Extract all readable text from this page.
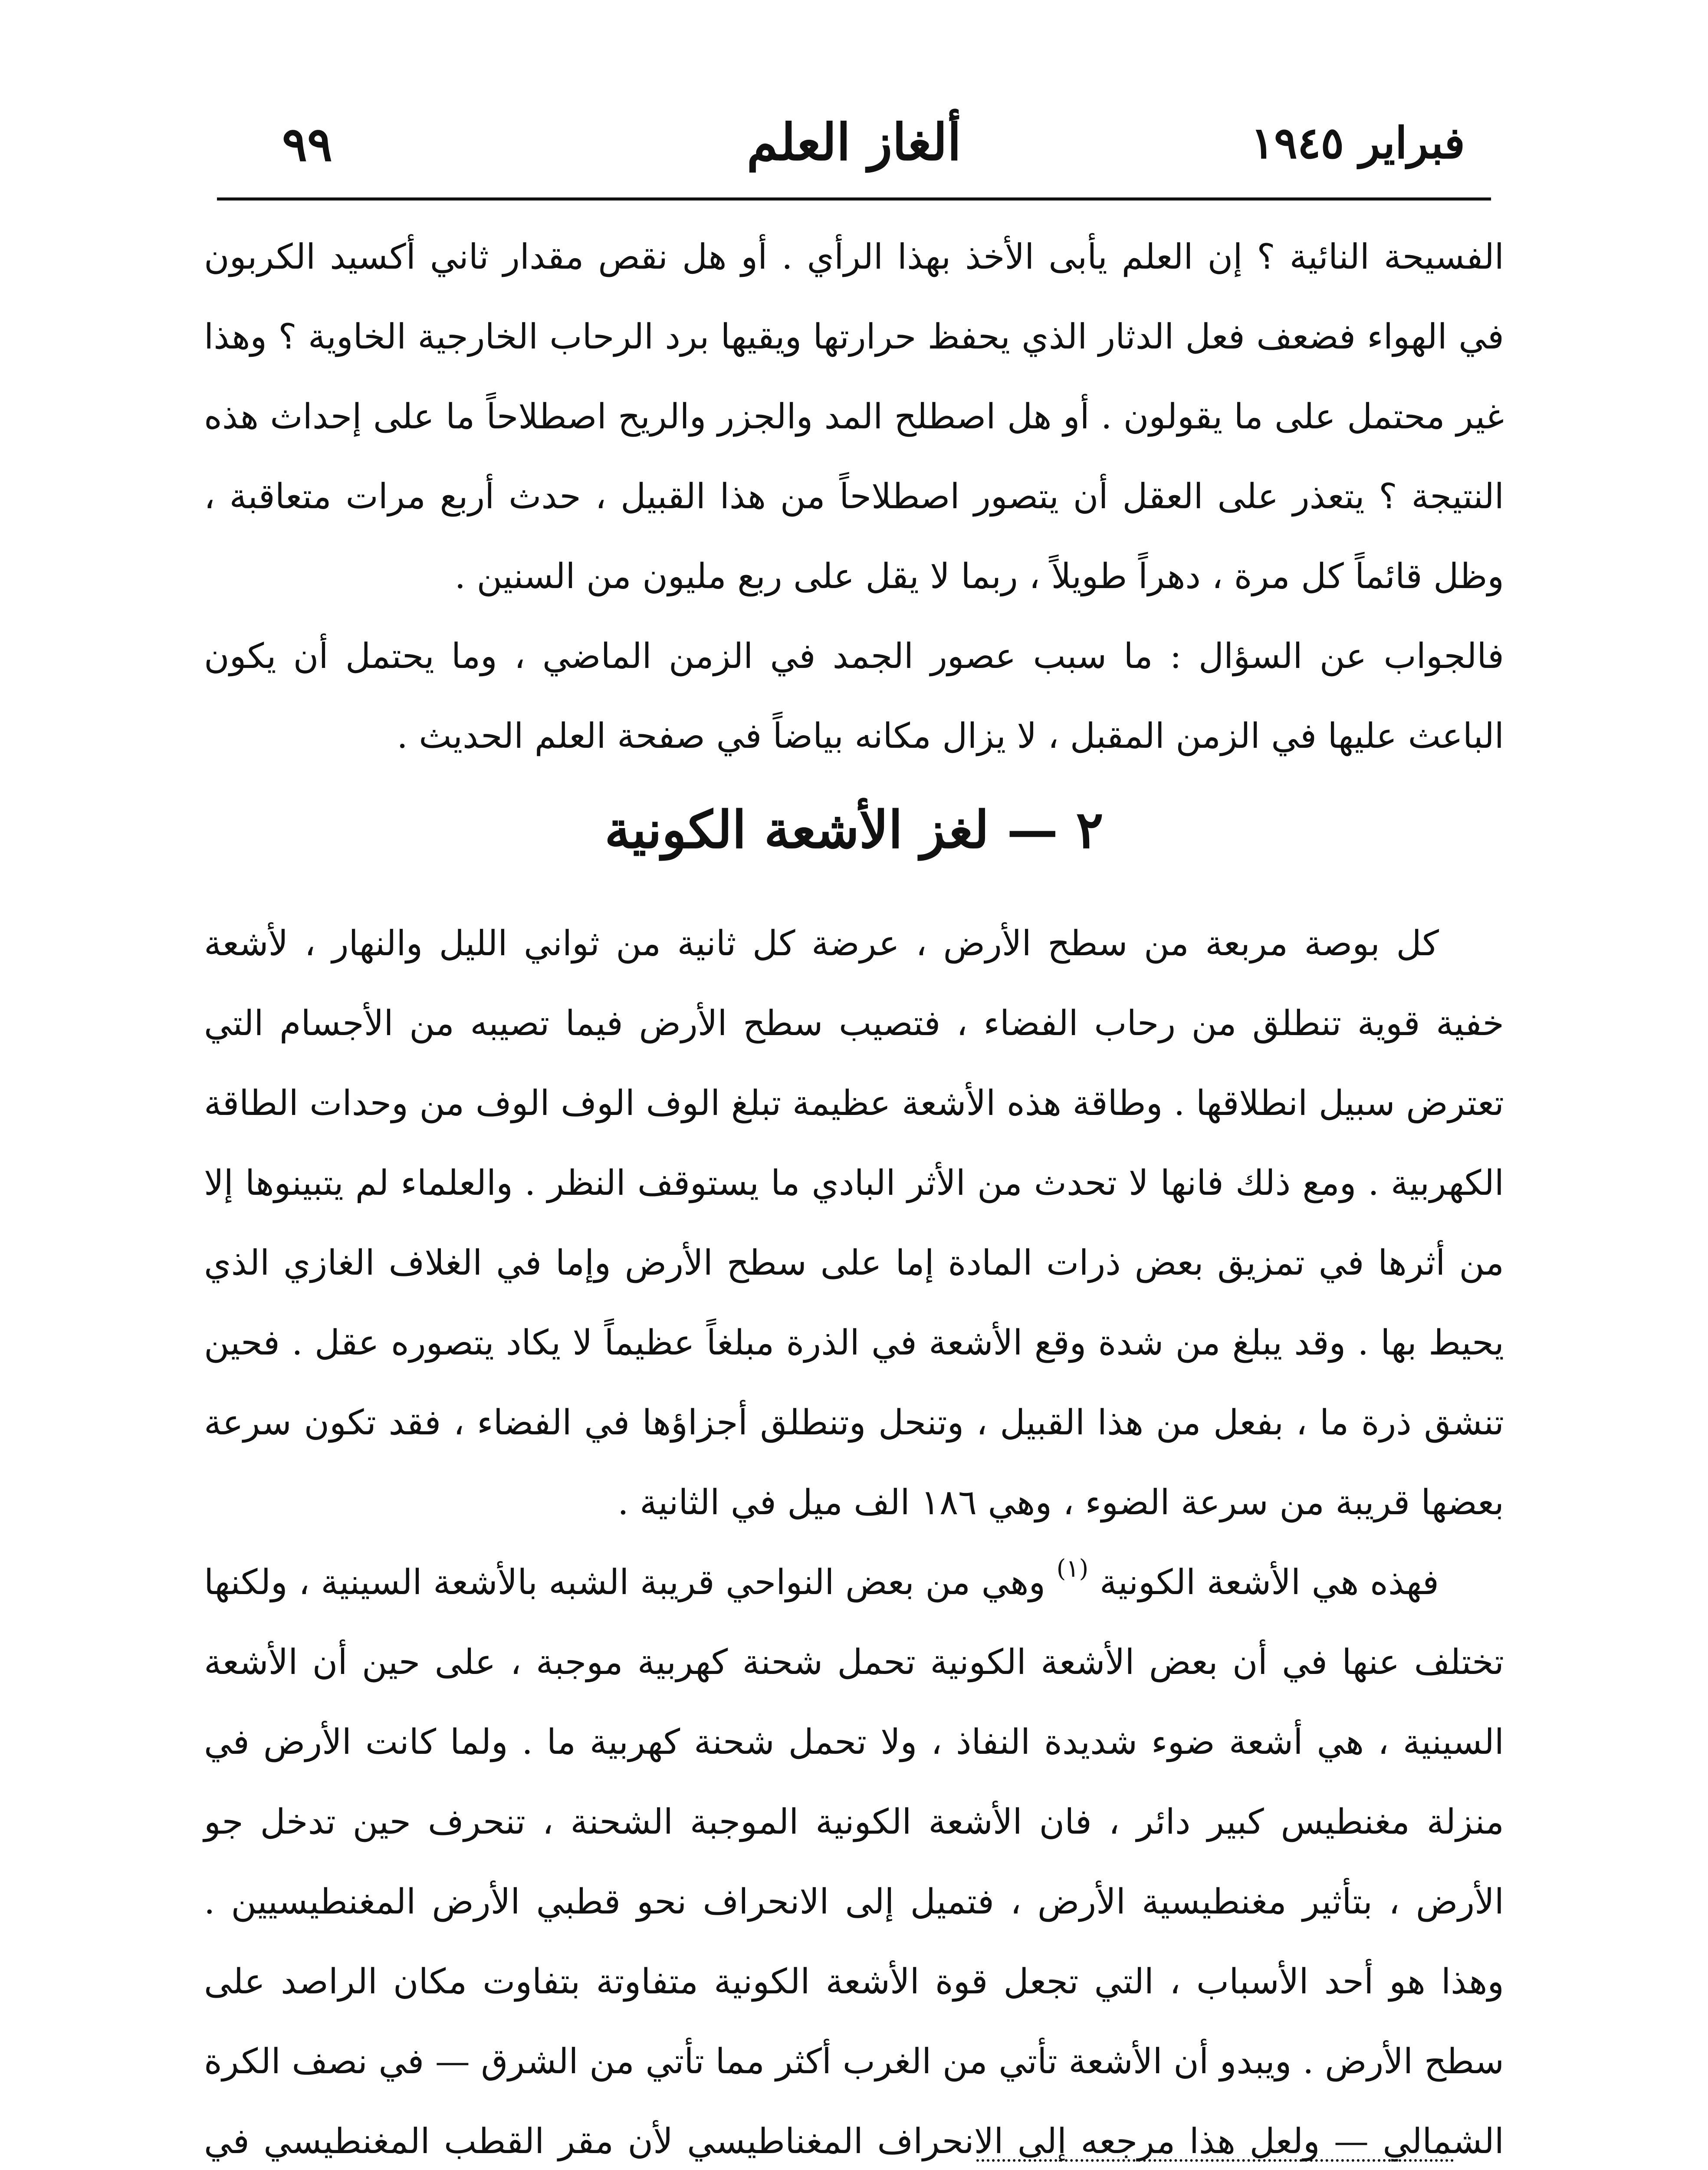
فبراير ١٩٤٥
ألغاز العلم
٩٩

الفسيحة النائية ؟ إن العلم يأبى الأخذ بهذا الرأي . أو هل نقص مقدار ثاني أكسيد الكربون في الهواء فضعف فعل الدثار الذي يحفظ حرارتها ويقيها برد الرحاب الخارجية الخاوية ؟ وهذا غير محتمل على ما يقولون . أو هل اصطلح المد والجزر والريح اصطلاحاً ما على إحداث هذه النتيجة ؟ يتعذر على العقل أن يتصور اصطلاحاً من هذا القبيل ، حدث أربع مرات متعاقبة ، وظل قائماً كل مرة ، دهراً طويلاً ، ربما لا يقل على ربع مليون من السنين .

فالجواب عن السؤال : ما سبب عصور الجمد في الزمن الماضي ، وما يحتمل أن يكون الباعث عليها في الزمن المقبل ، لا يزال مكانه بياضاً في صفحة العلم الحديث .

٢ — لغز الأشعة الكونية

كل بوصة مربعة من سطح الأرض ، عرضة كل ثانية من ثواني الليل والنهار ، لأشعة خفية قوية تنطلق من رحاب الفضاء ، فتصيب سطح الأرض فيما تصيبه من الأجسام التي تعترض سبيل انطلاقها . وطاقة هذه الأشعة عظيمة تبلغ الوف الوف الوف من وحدات الطاقة الكهربية . ومع ذلك فانها لا تحدث من الأثر البادي ما يستوقف النظر . والعلماء لم يتبينوها إلا من أثرها في تمزيق بعض ذرات المادة إما على سطح الأرض وإما في الغلاف الغازي الذي يحيط بها . وقد يبلغ من شدة وقع الأشعة في الذرة مبلغاً عظيماً لا يكاد يتصوره عقل . فحين تنشق ذرة ما ، بفعل من هذا القبيل ، وتنحل وتنطلق أجزاؤها في الفضاء ، فقد تكون سرعة بعضها قريبة من سرعة الضوء ، وهي ١٨٦ الف ميل في الثانية .

فهذه هي الأشعة الكونية $^{(١)}$ وهي من بعض النواحي قريبة الشبه بالأشعة السينية ، ولكنها تختلف عنها في أن بعض الأشعة الكونية تحمل شحنة كهربية موجبة ، على حين أن الأشعة السينية ، هي أشعة ضوء شديدة النفاذ ، ولا تحمل شحنة كهربية ما . ولما كانت الأرض في منزلة مغنطيس كبير دائر ، فان الأشعة الكونية الموجبة الشحنة ، تنحرف حين تدخل جو الأرض ، بتأثير مغنطيسية الأرض ، فتميل إلى الانحراف نحو قطبي الأرض المغنطيسيين . وهذا هو أحد الأسباب ، التي تجعل قوة الأشعة الكونية متفاوتة بتفاوت مكان الراصد على سطح الأرض . ويبدو أن الأشعة تأتي من الغرب أكثر مما تأتي من الشرق — في نصف الكرة الشمالي — ولعل هذا مرجعه إلى الانحراف المغناطيسي لأن مقر القطب المغنطيسي في
